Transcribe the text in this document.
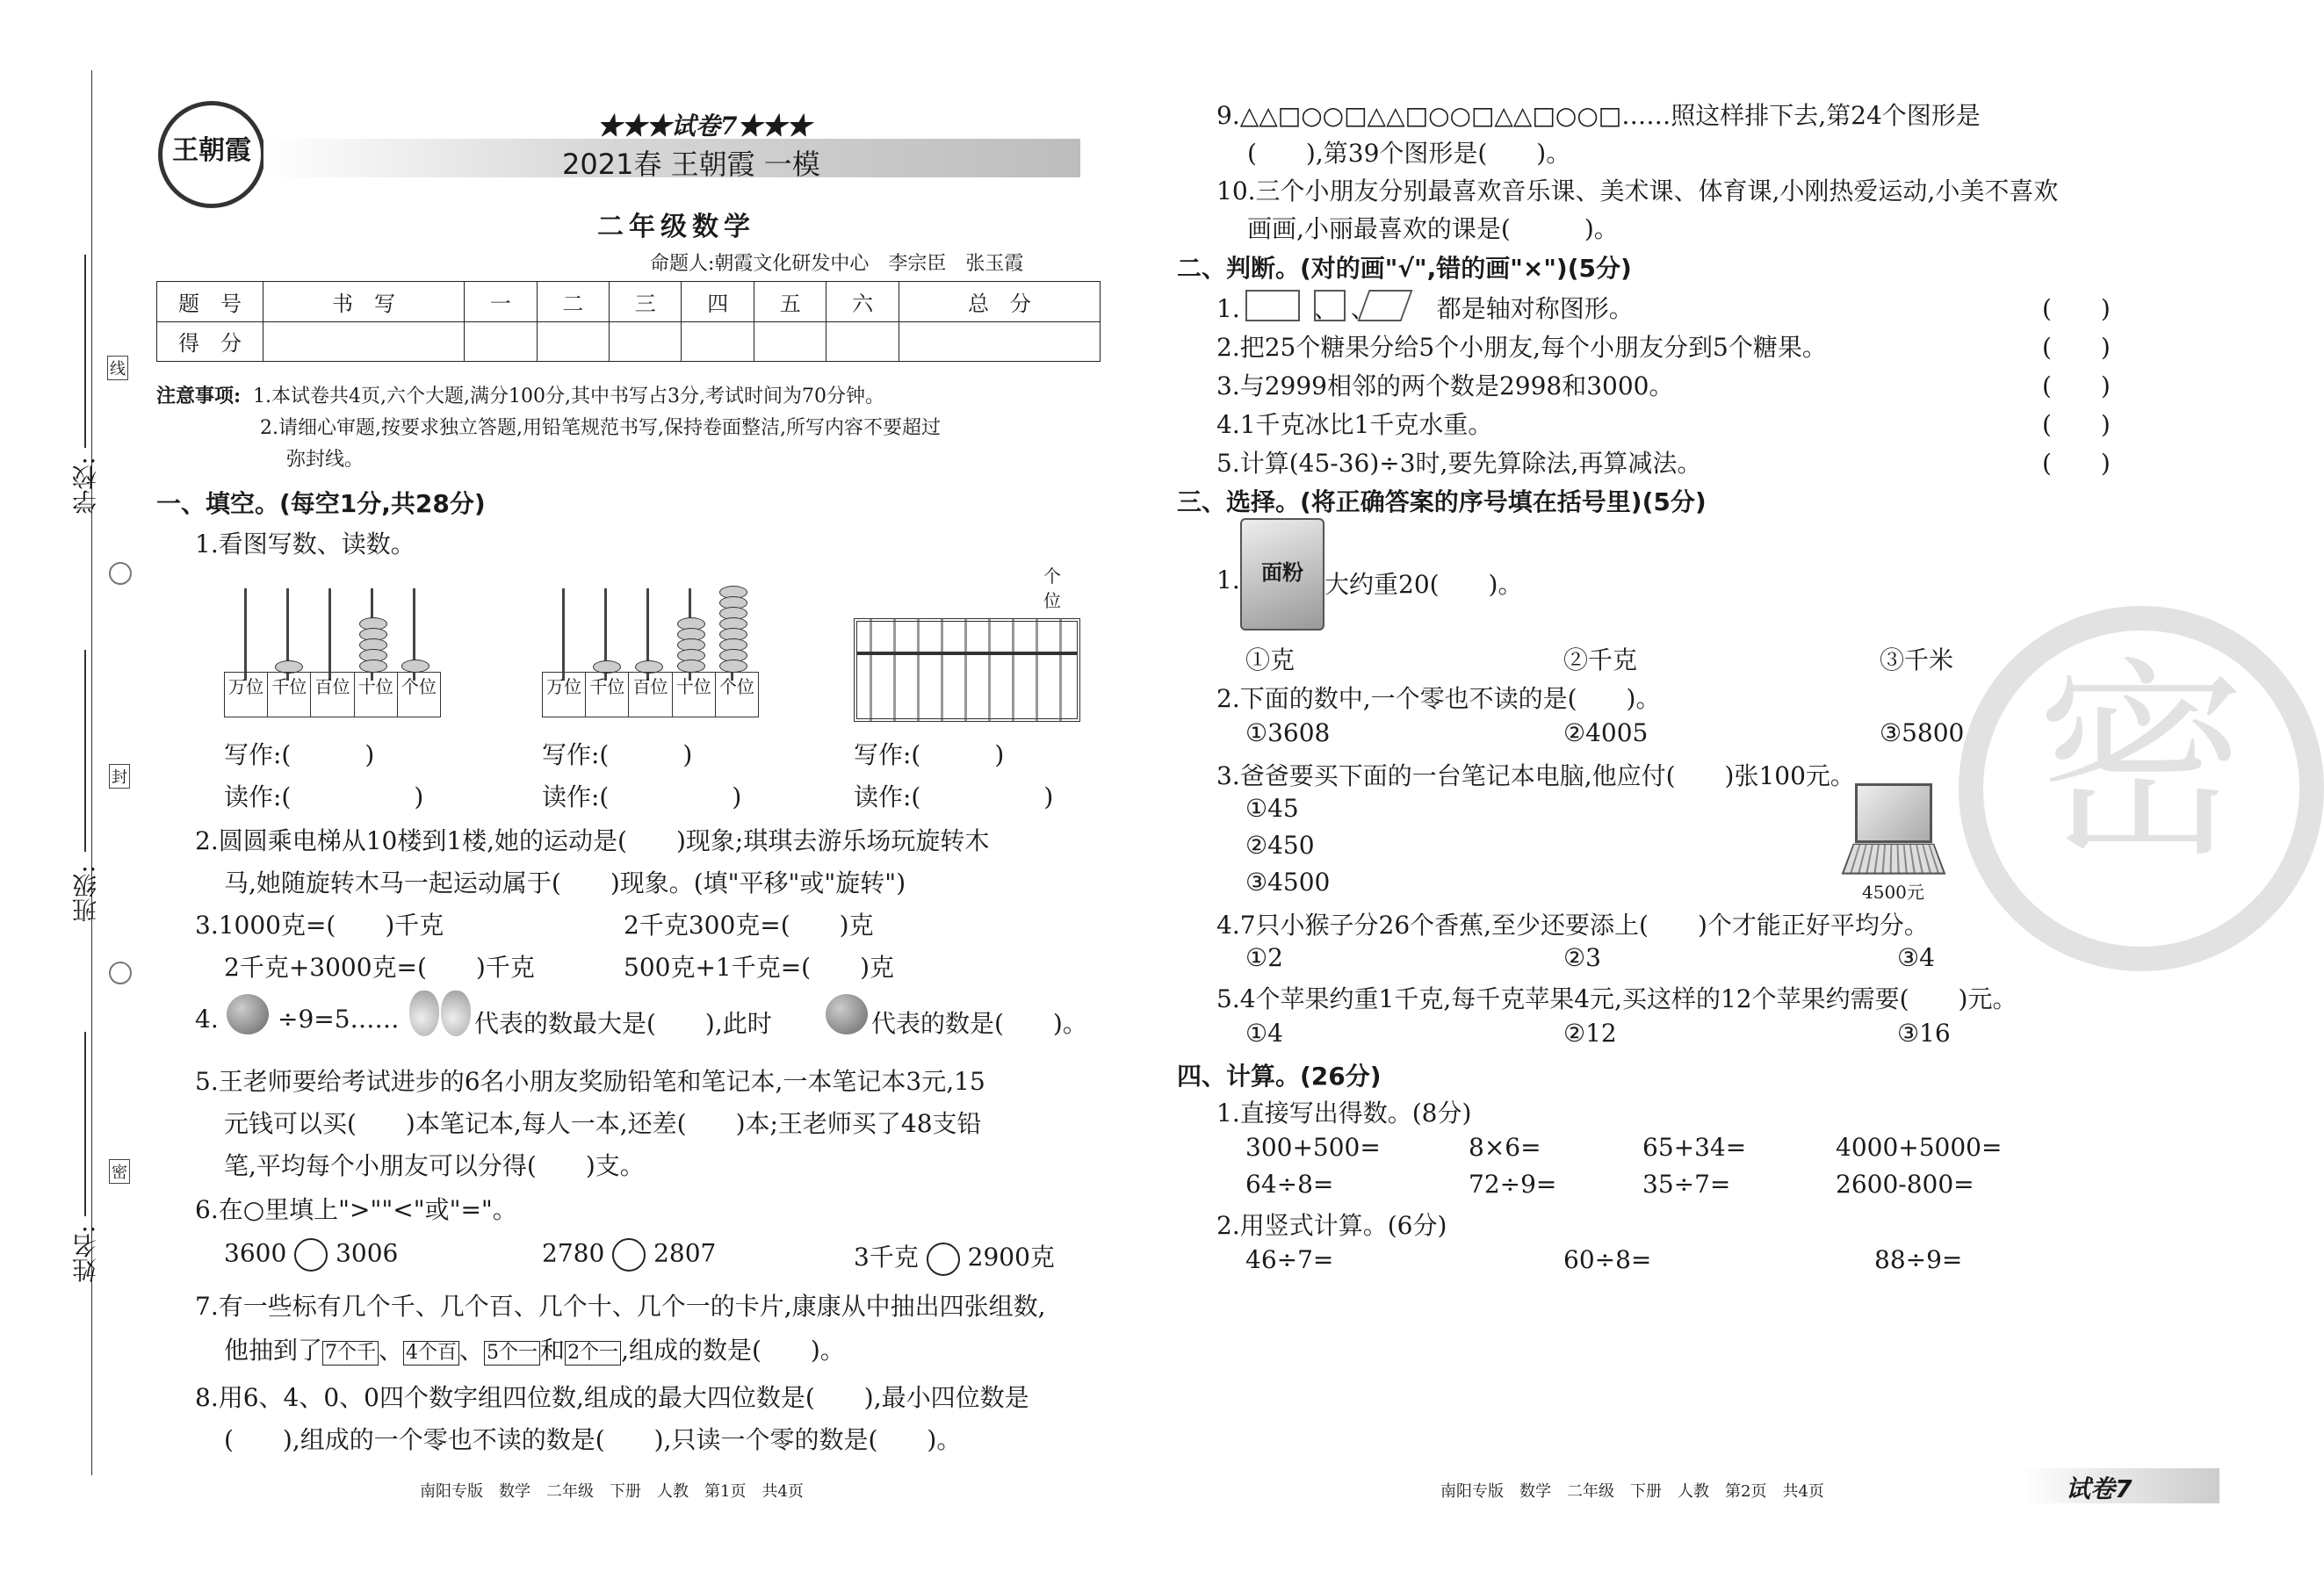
线
封
密
学校:
班级:
姓名:
王朝霞
★★★试卷7★★★
2021春 王朝霞 一模
二年级数学
命题人:朝霞文化研发中心　李宗臣　张玉霞
题　号	书　写	一	二	三	四	五	六	总　分
得　分								
注意事项: 1.本试卷共4页,六个大题,满分100分,其中书写占3分,考试时间为70分钟。
2.请细心审题,按要求独立答题,用铅笔规范书写,保持卷面整洁,所写内容不要超过
弥封线。
一、填空。(每空1分,共28分)
1.看图写数、读数。
万位 千位 百位 十位 个位	万位 千位 百位 十位 个位
个位
写作:(　　　)
读作:(　　　　　)
写作:(　　　)
读作:(　　　　　)
写作:(　　　)
读作:(　　　　　)
2.圆圆乘电梯从10楼到1楼,她的运动是(　　)现象;琪琪去游乐场玩旋转木
马,她随旋转木马一起运动属于(　　)现象。(填"平移"或"旋转")
3.1000克=(　　)千克	2千克300克=(　　)克
2千克+3000克=(　　)千克	500克+1千克=(　　)克
4. ÷9=5……	代表的数最大是(　　),此时	代表的数是(　　)。
5.王老师要给考试进步的6名小朋友奖励铅笔和笔记本,一本笔记本3元,15
元钱可以买(　　)本笔记本,每人一本,还差(　　)本;王老师买了48支铅
笔,平均每个小朋友可以分得(　　)支。
6.在○里填上">""<"或"="。
3600 3006	2780 2807	3千克 2900克
7.有一些标有几个千、几个百、几个十、几个一的卡片,康康从中抽出四张组数,
他抽到了 7个千 、 4个百 、 5个一 和 2个一 ,组成的数是(　　)。
8.用6、4、0、0四个数字组四位数,组成的最大四位数是(　　),最小四位数是
(　　),组成的一个零也不读的数是(　　),只读一个零的数是(　　)。
南阳专版　数学　二年级　下册　人教　第1页　共4页
密
9.△△□○○□△△□○○□△△□○○□……照这样排下去,第24个图形是
(　　),第39个图形是(　　)。
10.三个小朋友分别最喜欢音乐课、美术课、体育课,小刚热爱运动,小美不喜欢
画画,小丽最喜欢的课是(　　　)。
二、判断。(对的画"√",错的画"×")(5分)
1.　　　、　、　　　都是轴对称图形。	(　　)
2.把25个糖果分给5个小朋友,每个小朋友分到5个糖果。	(　　)
3.与2999相邻的两个数是2998和3000。	(　　)
4.1千克冰比1千克水重。	(　　)
5.计算(45-36)÷3时,要先算除法,再算减法。	(　　)
三、选择。(将正确答案的序号填在括号里)(5分)
1.	面粉 大约重20(　　)。
①克	②千克	③千米
2.下面的数中,一个零也不读的是(　　)。
①3608	②4005	③5800
3.爸爸要买下面的一台笔记本电脑,他应付(　　)张100元。
①45
②450
③4500	4500元
4.7只小猴子分26个香蕉,至少还要添上(　　)个才能正好平均分。
①2	②3	③4
5.4个苹果约重1千克,每千克苹果4元,买这样的12个苹果约需要(　　)元。
①4	②12	③16
四、计算。(26分)
1.直接写出得数。(8分)
300+500=	8×6=	65+34=	4000+5000=
64÷8=	72÷9=	35÷7=	2600-800=
2.用竖式计算。(6分)
46÷7=	60÷8=	88÷9=
南阳专版　数学　二年级　下册　人教　第2页　共4页	试卷7
